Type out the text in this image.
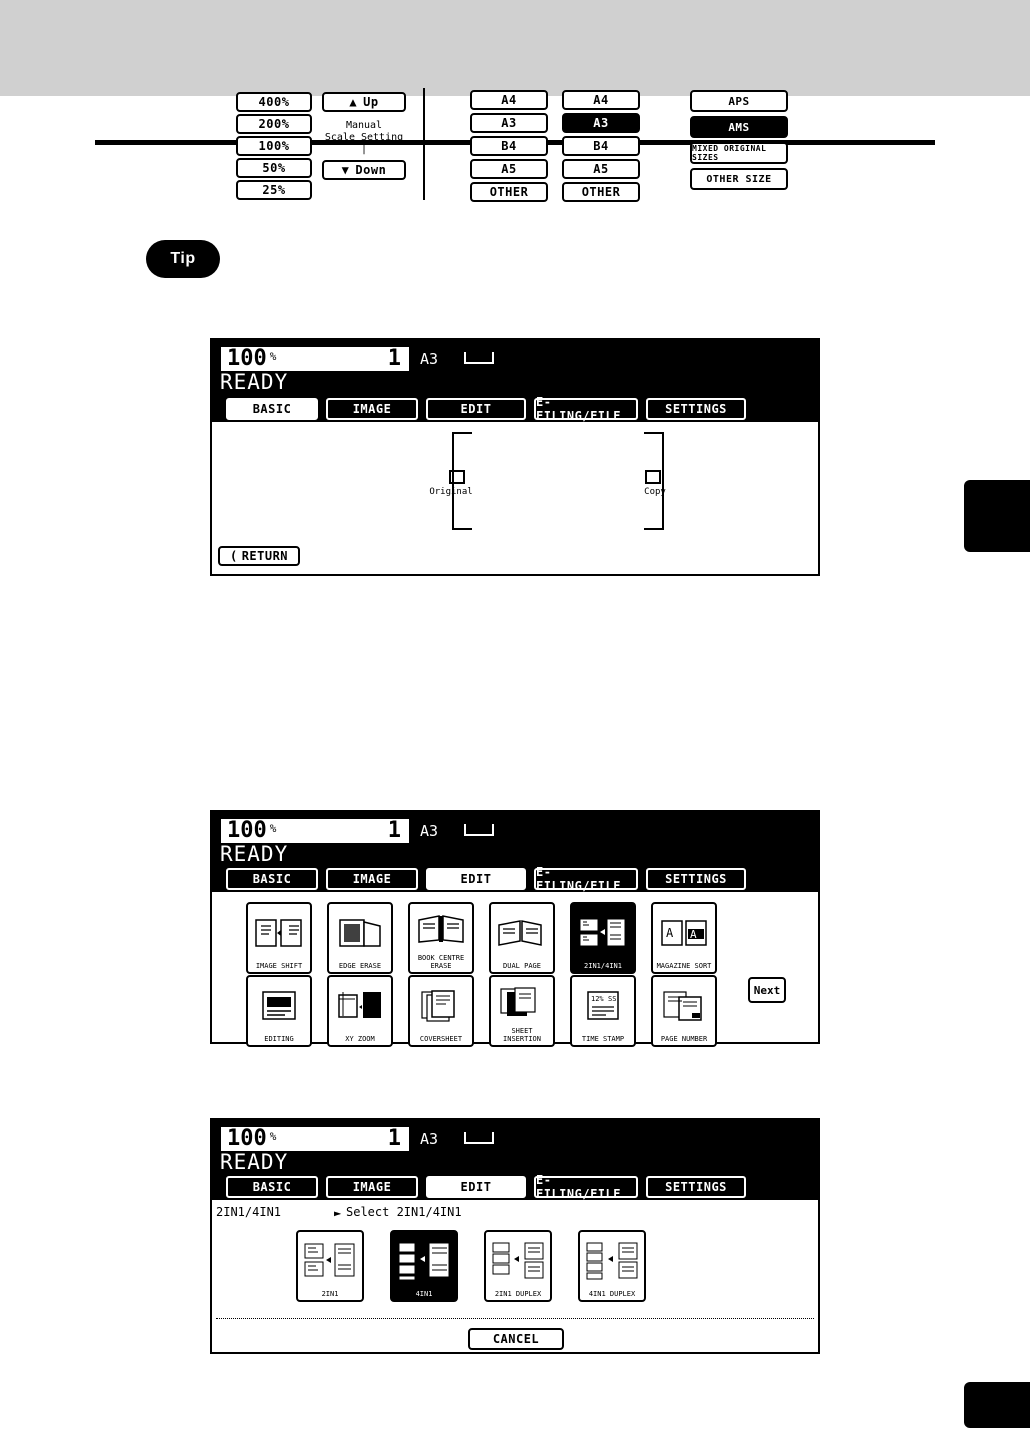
Tip
100 %	1 A3
READY
BASIC	IMAGE	EDIT	E-FILING/FILE	SETTINGS
400%
200%
100%
50%
25%
▲ Up
Manual
Scale Setting
|
▼ Down
A4
A3
B4
A5
OTHER
Original
A4
A3
B4
A5
OTHER
Copy
APS
AMS
MIXED ORIGINAL SIZES
OTHER SIZE
( RETURN
100 %	1 A3
READY
BASIC	IMAGE	EDIT	E-FILING/FILE	SETTINGS
IMAGE SHIFT	EDGE ERASE
BOOK CENTRE ERASE	DUAL PAGE	2IN1/4IN1
A A
MAGAZINE SORT
EDITING	XY ZOOM	COVERSHEET
SHEET INSERTION
12% SS
TIME STAMP	PAGE NUMBER
Next
100 %	1 A3
READY
BASIC	IMAGE	EDIT	E-FILING/FILE	SETTINGS
2IN1/4IN1	► Select 2IN1/4IN1
2IN1	4IN1	2IN1 DUPLEX	4IN1 DUPLEX
CANCEL
